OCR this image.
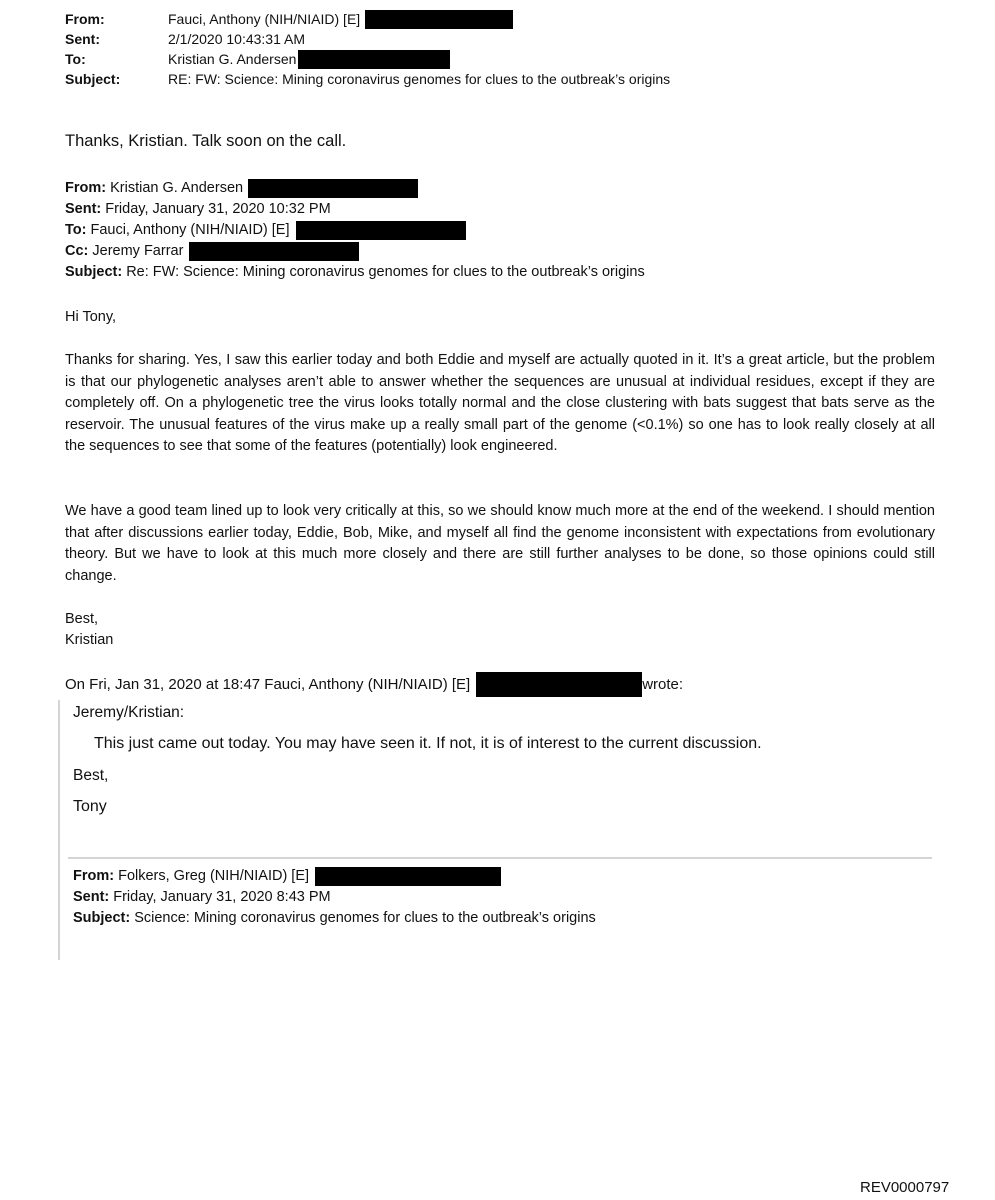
From:	Fauci, Anthony (NIH/NIAID) [E]
Sent:	2/1/2020 10:43:31 AM
To:	Kristian G. Andersen
Subject:	RE: FW: Science: Mining coronavirus genomes for clues to the outbreak’s origins
Thanks, Kristian. Talk soon on the call.
From: Kristian G. Andersen
Sent: Friday, January 31, 2020 10:32 PM
To: Fauci, Anthony (NIH/NIAID) [E]
Cc: Jeremy Farrar
Subject: Re: FW: Science: Mining coronavirus genomes for clues to the outbreak’s origins
Hi Tony,
Thanks for sharing. Yes, I saw this earlier today and both Eddie and myself are actually quoted in it. It’s a great article, but the problem is that our phylogenetic analyses aren’t able to answer whether the sequences are unusual at individual residues, except if they are completely off. On a phylogenetic tree the virus looks totally normal and the close clustering with bats suggest that bats serve as the reservoir. The unusual features of the virus make up a really small part of the genome (<0.1%) so one has to look really closely at all the sequences to see that some of the features (potentially) look engineered.
We have a good team lined up to look very critically at this, so we should know much more at the end of the weekend. I should mention that after discussions earlier today, Eddie, Bob, Mike, and myself all find the genome inconsistent with expectations from evolutionary theory. But we have to look at this much more closely and there are still further analyses to be done, so those opinions could still change.
Best,
Kristian
On Fri, Jan 31, 2020 at 18:47 Fauci, Anthony (NIH/NIAID) [E]	wrote:
Jeremy/Kristian:
This just came out today. You may have seen it. If not, it is of interest to the current discussion.
Best,
Tony
From: Folkers, Greg (NIH/NIAID) [E]
Sent: Friday, January 31, 2020 8:43 PM
Subject: Science: Mining coronavirus genomes for clues to the outbreak’s origins
REV0000797
